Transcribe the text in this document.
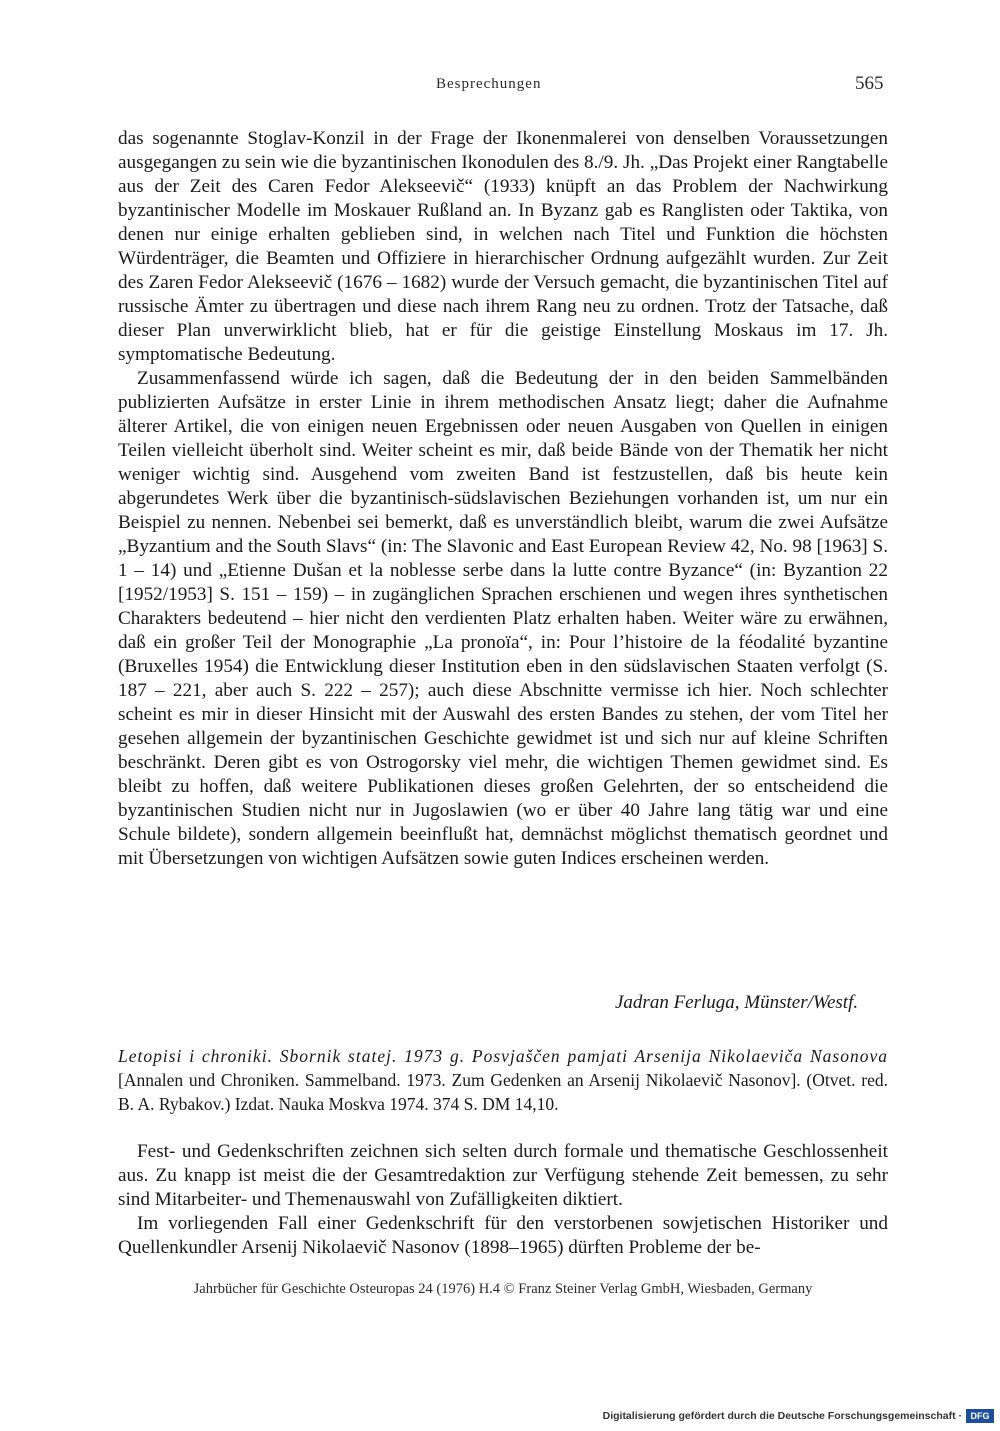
Besprechungen	565

das sogenannte Stoglav-Konzil in der Frage der Ikonenmalerei von denselben Voraussetzungen ausgegangen zu sein wie die byzantinischen Ikonodulen des 8./9. Jh. „Das Projekt einer Rangtabelle aus der Zeit des Caren Fedor Alekseevič“ (1933) knüpft an das Problem der Nachwirkung byzantinischer Modelle im Moskauer Rußland an. In Byzanz gab es Ranglisten oder Taktika, von denen nur einige erhalten geblieben sind, in welchen nach Titel und Funktion die höchsten Würdenträger, die Beamten und Offiziere in hierarchischer Ordnung aufgezählt wurden. Zur Zeit des Zaren Fedor Alekseevič (1676 – 1682) wurde der Versuch gemacht, die byzantinischen Titel auf russische Ämter zu übertragen und diese nach ihrem Rang neu zu ordnen. Trotz der Tatsache, daß dieser Plan unverwirklicht blieb, hat er für die geistige Einstellung Moskaus im 17. Jh. symptomatische Bedeutung.

Zusammenfassend würde ich sagen, daß die Bedeutung der in den beiden Sammelbänden publizierten Aufsätze in erster Linie in ihrem methodischen Ansatz liegt; daher die Aufnahme älterer Artikel, die von einigen neuen Ergebnissen oder neuen Ausgaben von Quellen in einigen Teilen vielleicht überholt sind. Weiter scheint es mir, daß beide Bände von der Thematik her nicht weniger wichtig sind. Ausgehend vom zweiten Band ist festzustellen, daß bis heute kein abgerundetes Werk über die byzantinisch-südslavischen Beziehungen vorhanden ist, um nur ein Beispiel zu nennen. Nebenbei sei bemerkt, daß es unverständlich bleibt, warum die zwei Aufsätze „Byzantium and the South Slavs“ (in: The Slavonic and East European Review 42, No. 98 [1963] S. 1 – 14) und „Etienne Dušan et la noblesse serbe dans la lutte contre Byzance“ (in: Byzantion 22 [1952/1953] S. 151 – 159) – in zugänglichen Sprachen erschienen und wegen ihres synthetischen Charakters bedeutend – hier nicht den verdienten Platz erhalten haben. Weiter wäre zu erwähnen, daß ein großer Teil der Monographie „La pronoïa“, in: Pour l’histoire de la féodalité byzantine (Bruxelles 1954) die Entwicklung dieser Institution eben in den südslavischen Staaten verfolgt (S. 187 – 221, aber auch S. 222 – 257); auch diese Abschnitte vermisse ich hier. Noch schlechter scheint es mir in dieser Hinsicht mit der Auswahl des ersten Bandes zu stehen, der vom Titel her gesehen allgemein der byzantinischen Geschichte gewidmet ist und sich nur auf kleine Schriften beschränkt. Deren gibt es von Ostrogorsky viel mehr, die wichtigen Themen gewidmet sind. Es bleibt zu hoffen, daß weitere Publikationen dieses großen Gelehrten, der so entscheidend die byzantinischen Studien nicht nur in Jugoslawien (wo er über 40 Jahre lang tätig war und eine Schule bildete), sondern allgemein beeinflußt hat, demnächst möglichst thematisch geordnet und mit Übersetzungen von wichtigen Aufsätzen sowie guten Indices erscheinen werden.

Jadran Ferluga, Münster/Westf.
Letopisi i chroniki. Sbornik statej. 1973 g. Posvjaščen pamjati Arsenija Nikolaeviča Nasonova [Annalen und Chroniken. Sammelband. 1973. Zum Gedenken an Arsenij Nikolaevič Nasonov]. (Otvet. red. B. A. Rybakov.) Izdat. Nauka Moskva 1974. 374 S. DM 14,10.

Fest- und Gedenkschriften zeichnen sich selten durch formale und thematische Geschlossenheit aus. Zu knapp ist meist die der Gesamtredaktion zur Verfügung stehende Zeit bemessen, zu sehr sind Mitarbeiter- und Themenauswahl von Zufälligkeiten diktiert.

Im vorliegenden Fall einer Gedenkschrift für den verstorbenen sowjetischen Historiker und Quellenkundler Arsenij Nikolaevič Nasonov (1898–1965) dürften Probleme der be-

Jahrbücher für Geschichte Osteuropas 24 (1976) H.4 © Franz Steiner Verlag GmbH, Wiesbaden, Germany
Digitalisierung gefördert durch die Deutsche Forschungsgemeinschaft · DFG
